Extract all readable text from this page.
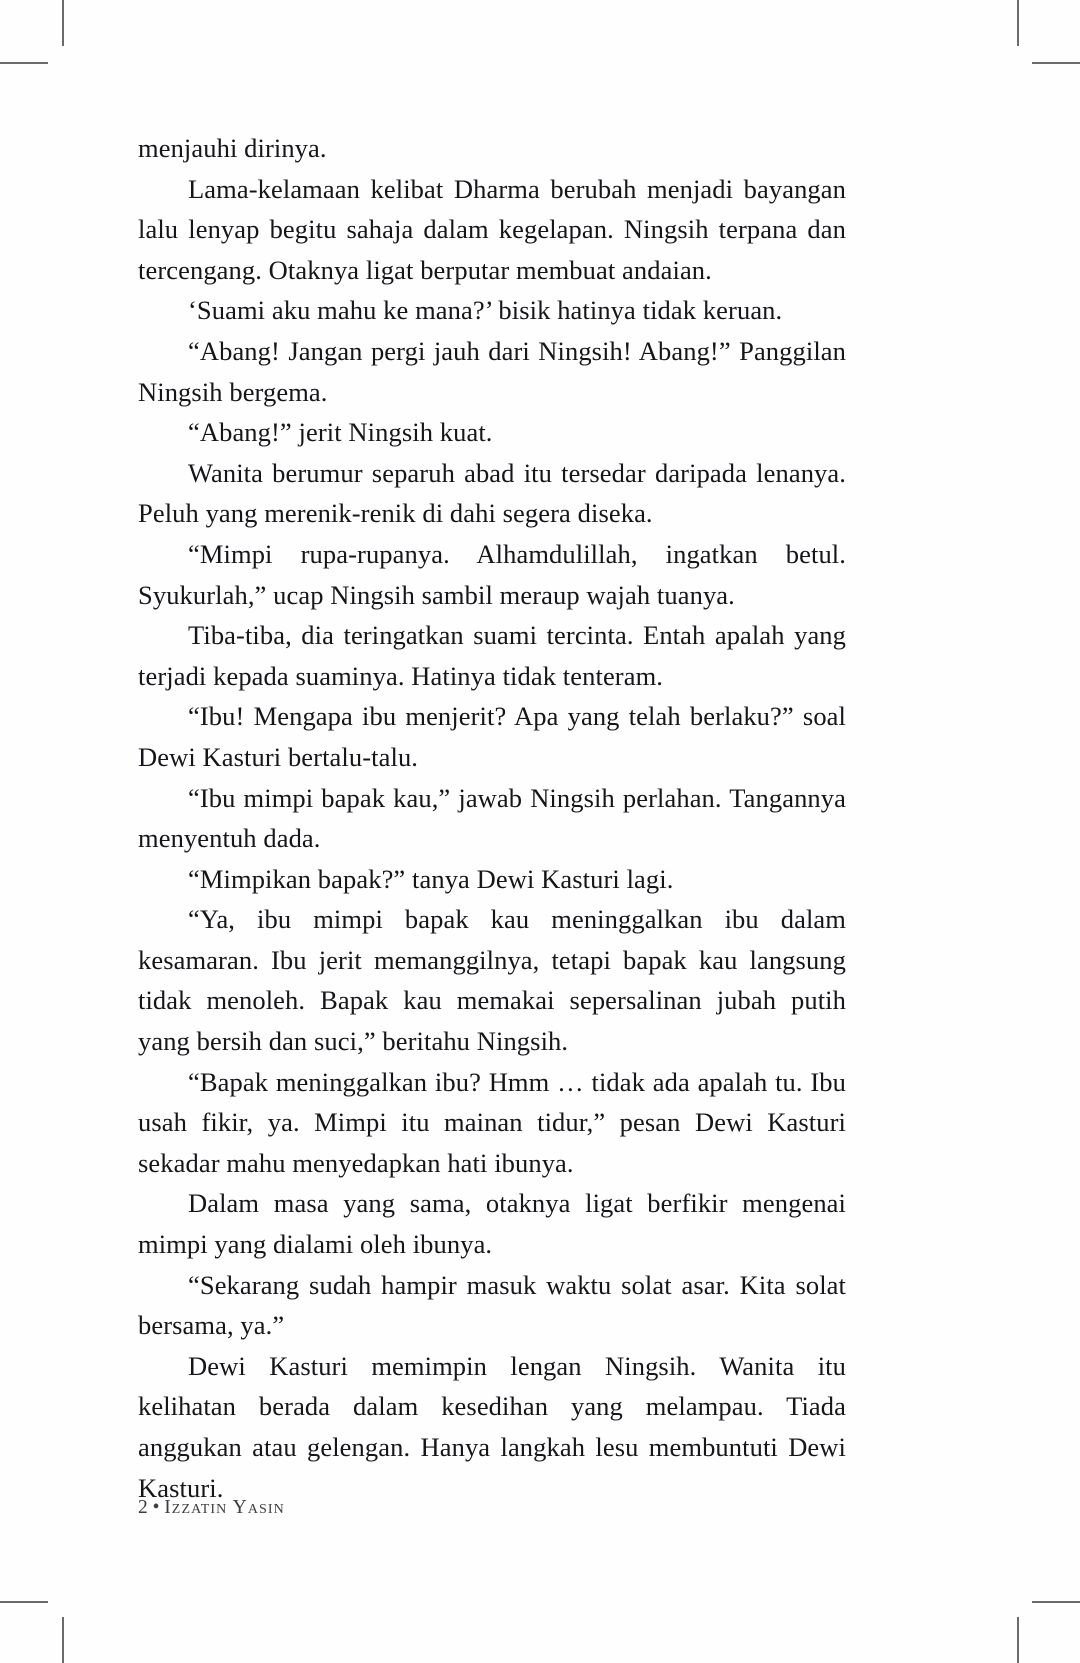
menjauhi dirinya.

Lama-kelamaan kelibat Dharma berubah menjadi bayangan lalu lenyap begitu sahaja dalam kegelapan. Ningsih terpana dan tercengang. Otaknya ligat berputar membuat andaian.

‘Suami aku mahu ke mana?’ bisik hatinya tidak keruan.

“Abang! Jangan pergi jauh dari Ningsih! Abang!” Panggilan Ningsih bergema.

“Abang!” jerit Ningsih kuat.

Wanita berumur separuh abad itu tersedar daripada lenanya. Peluh yang merenik-renik di dahi segera diseka.

“Mimpi rupa-rupanya. Alhamdulillah, ingatkan betul. Syukurlah,” ucap Ningsih sambil meraup wajah tuanya.

Tiba-tiba, dia teringatkan suami tercinta. Entah apalah yang terjadi kepada suaminya. Hatinya tidak tenteram.

“Ibu! Mengapa ibu menjerit? Apa yang telah berlaku?” soal Dewi Kasturi bertalu-talu.

“Ibu mimpi bapak kau,” jawab Ningsih perlahan. Tangannya menyentuh dada.

“Mimpikan bapak?” tanya Dewi Kasturi lagi.

“Ya, ibu mimpi bapak kau meninggalkan ibu dalam kesamaran. Ibu jerit memanggilnya, tetapi bapak kau langsung tidak menoleh. Bapak kau memakai sepersalinan jubah putih yang bersih dan suci,” beritahu Ningsih.

“Bapak meninggalkan ibu? Hmm … tidak ada apalah tu. Ibu usah fikir, ya. Mimpi itu mainan tidur,” pesan Dewi Kasturi sekadar mahu menyedapkan hati ibunya.

Dalam masa yang sama, otaknya ligat berfikir mengenai mimpi yang dialami oleh ibunya.

“Sekarang sudah hampir masuk waktu solat asar. Kita solat bersama, ya.”

Dewi Kasturi memimpin lengan Ningsih. Wanita itu kelihatan berada dalam kesedihan yang melampau. Tiada anggukan atau gelengan. Hanya langkah lesu membuntuti Dewi Kasturi.

2 • Izzatin Yasin
